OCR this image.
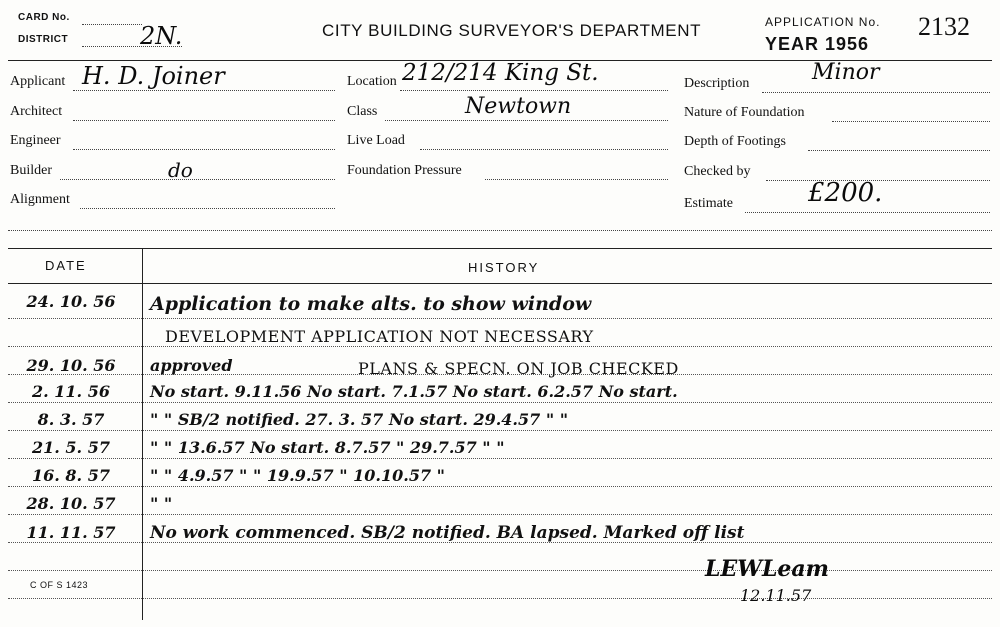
CARD No.
DISTRICT	2N.	CITY BUILDING SURVEYOR'S DEPARTMENT	APPLICATION No. 2132
YEAR 1956
Applicant H. D. Joiner
Architect
Engineer
Builder	do
Alignment
Location 212/214 King St.
Class	Newtown
Live Load
Foundation Pressure
Description	Minor
Nature of Foundation
Depth of Footings
Checked by
Estimate	£200.
DATE	HISTORY
24. 10. 56	Application to make alts. to show window
DEVELOPMENT APPLICATION NOT NECESSARY
29. 10. 56	approved	PLANS & SPECN. ON JOB CHECKED
2. 11. 56	No start. 9.11.56 No start. 7.1.57 No start. 6.2.57 No start.
8. 3. 57	" " SB/2 notified. 27. 3. 57 No start. 29.4.57 " "
21. 5. 57	" " 13.6.57 No start. 8.7.57 " 29.7.57 " "
16. 8. 57	" " 4.9.57 " " 19.9.57 " 10.10.57 "
28. 10. 57	" "
11. 11. 57	No work commenced. SB/2 notified. BA lapsed. Marked off list
LEWLeam
12.11.57
C OF S 1423
